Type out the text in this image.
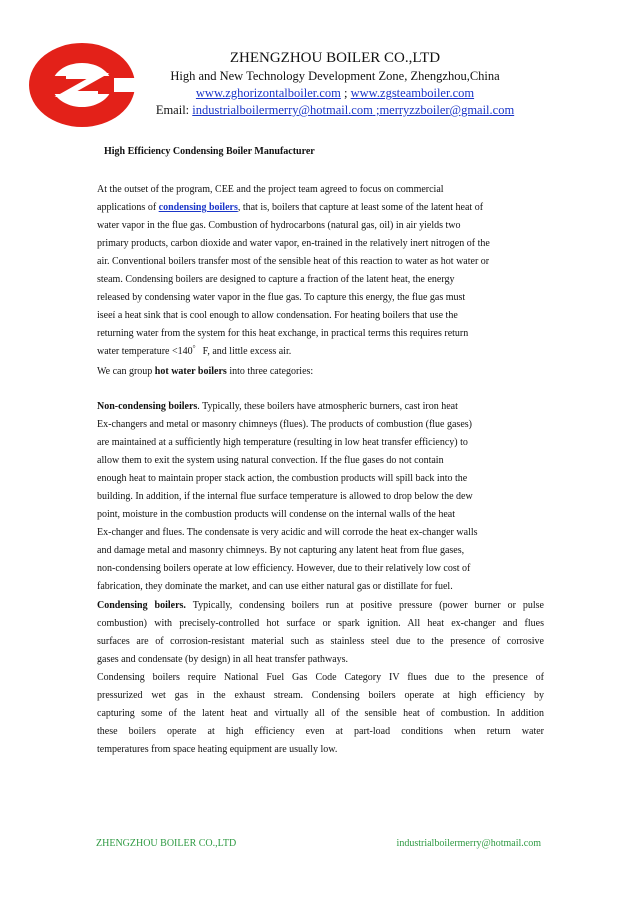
ZHENGZHOU BOILER CO.,LTD
High and New Technology Development Zone, Zhengzhou,China
www.zghorizontalboiler.com ; www.zgsteamboiler.com
Email: industrialboilermerry@hotmail.com ;merryzzboiler@gmail.com
High Efficiency Condensing Boiler Manufacturer
At the outset of the program, CEE and the project team agreed to focus on commercial
applications of condensing boilers, that is, boilers that capture at least some of the latent heat of
water vapor in the flue gas. Combustion of hydrocarbons (natural gas, oil) in air yields two
primary products, carbon dioxide and water vapor, en-trained in the relatively inert nitrogen of the
air. Conventional boilers transfer most of the sensible heat of this reaction to water as hot water or
steam. Condensing boilers are designed to capture a fraction of the latent heat, the energy
released by condensing water vapor in the flue gas. To capture this energy, the flue gas must
iseeí a heat sink that is cool enough to allow condensation. For heating boilers that use the
returning water from the system for this heat exchange, in practical terms this requires return
water temperature <140゜F, and little excess air.
We can group hot water boilers into three categories:
Non-condensing boilers. Typically, these boilers have atmospheric burners, cast iron heat
Ex-changers and metal or masonry chimneys (flues). The products of combustion (flue gases)
are maintained at a sufficiently high temperature (resulting in low heat transfer efficiency) to
allow them to exit the system using natural convection. If the flue gases do not contain
enough heat to maintain proper stack action, the combustion products will spill back into the
building. In addition, if the internal flue surface temperature is allowed to drop below the dew
point, moisture in the combustion products will condense on the internal walls of the heat
Ex-changer and flues. The condensate is very acidic and will corrode the heat ex-changer walls
and damage metal and masonry chimneys. By not capturing any latent heat from flue gases,
non-condensing boilers operate at low efficiency. However, due to their relatively low cost of
fabrication, they dominate the market, and can use either natural gas or distillate for fuel.
Condensing boilers. Typically, condensing boilers run at positive pressure (power burner or pulse
combustion) with precisely-controlled hot surface or spark ignition. All heat ex-changer and flues
surfaces are of corrosion-resistant material such as stainless steel due to the presence of corrosive
gases and condensate (by design) in all heat transfer pathways.
Condensing boilers require National Fuel Gas Code Category IV flues due to the presence of
pressurized wet gas in the exhaust stream. Condensing boilers operate at high efficiency by
capturing some of the latent heat and virtually all of the sensible heat of combustion. In addition
these boilers operate at high efficiency even at part-load conditions when return water
temperatures from space heating equipment are usually low.
ZHENGZHOU BOILER CO.,LTD	industrialboilermerry@hotmail.com
